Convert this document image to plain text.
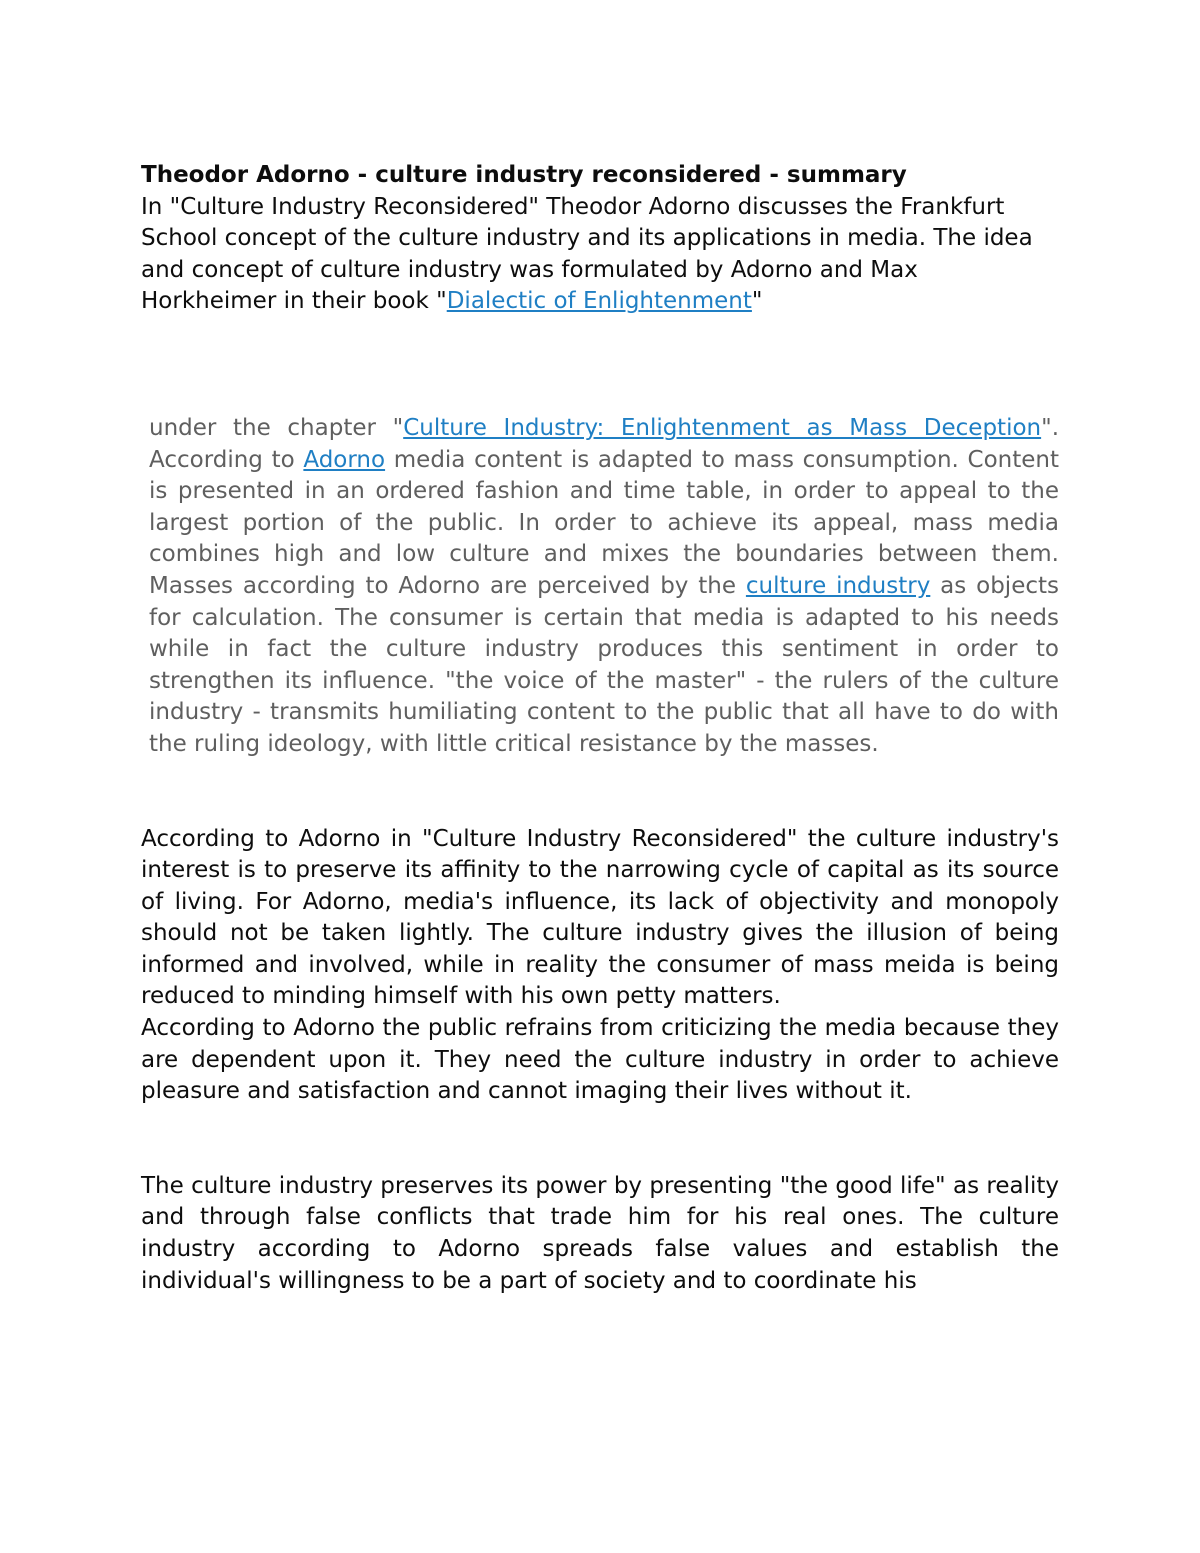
Theodor Adorno - culture industry reconsidered - summary

In "Culture Industry Reconsidered" Theodor Adorno discusses the Frankfurt School concept of the culture industry and its applications in media. The idea and concept of culture industry was formulated by Adorno and Max Horkheimer in their book "Dialectic of Enlightenment"

under the chapter "Culture Industry: Enlightenment as Mass Deception". According to Adorno media content is adapted to mass consumption. Content is presented in an ordered fashion and time table, in order to appeal to the largest portion of the public. In order to achieve its appeal, mass media combines high and low culture and mixes the boundaries between them. Masses according to Adorno are perceived by the culture industry as objects for calculation. The consumer is certain that media is adapted to his needs while in fact the culture industry produces this sentiment in order to strengthen its influence. "the voice of the master" - the rulers of the culture industry - transmits humiliating content to the public that all have to do with the ruling ideology, with little critical resistance by the masses.

According to Adorno in "Culture Industry Reconsidered" the culture industry's interest is to preserve its affinity to the narrowing cycle of capital as its source of living. For Adorno, media's influence, its lack of objectivity and monopoly should not be taken lightly. The culture industry gives the illusion of being informed and involved, while in reality the consumer of mass meida is being reduced to minding himself with his own petty matters.

According to Adorno the public refrains from criticizing the media because they are dependent upon it. They need the culture industry in order to achieve pleasure and satisfaction and cannot imaging their lives without it.

The culture industry preserves its power by presenting "the good life" as reality and through false conflicts that trade him for his real ones. The culture industry according to Adorno spreads false values and establish the individual's willingness to be a part of society and to coordinate his
